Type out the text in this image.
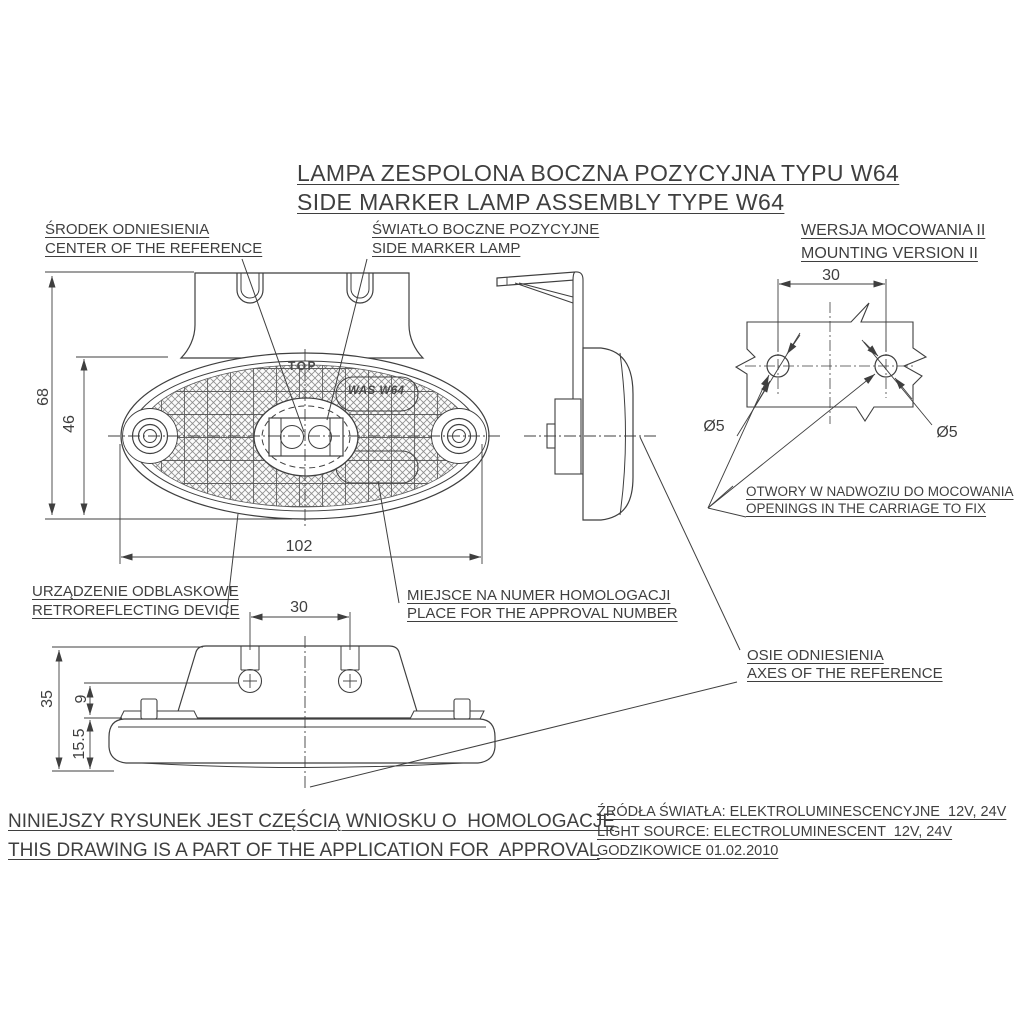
LAMPA ZESPOLONA BOCZNA POZYCYJNA TYPU W64
SIDE MARKER LAMP ASSEMBLY TYPE W64
ŚRODEK ODNIESIENIA
CENTER OF THE REFERENCE
ŚWIATŁO BOCZNE POZYCYJNE
SIDE MARKER LAMP
WERSJA MOCOWANIA II
MOUNTING VERSION II
OTWORY W NADWOZIU DO MOCOWANIA
OPENINGS IN THE CARRIAGE TO FIX
URZĄDZENIE ODBLASKOWE
RETROREFLECTING DEVICE
MIEJSCE NA NUMER HOMOLOGACJI
PLACE FOR THE APPROVAL NUMBER
OSIE ODNIESIENIA
AXES OF THE REFERENCE
NINIEJSZY RYSUNEK JEST CZĘŚCIĄ WNIOSKU O  HOMOLOGACJĘ
THIS DRAWING IS A PART OF THE APPLICATION FOR  APPROVAL
ŹRÓDŁA ŚWIATŁA: ELEKTROLUMINESCENCYJNE  12V, 24V
LIGHT SOURCE: ELECTROLUMINESCENT  12V, 24V
GODZIKOWICE 01.02.2010
68
46
102
30
35 9
15.5
30
Ø5	Ø5
TOP
WAS W64
